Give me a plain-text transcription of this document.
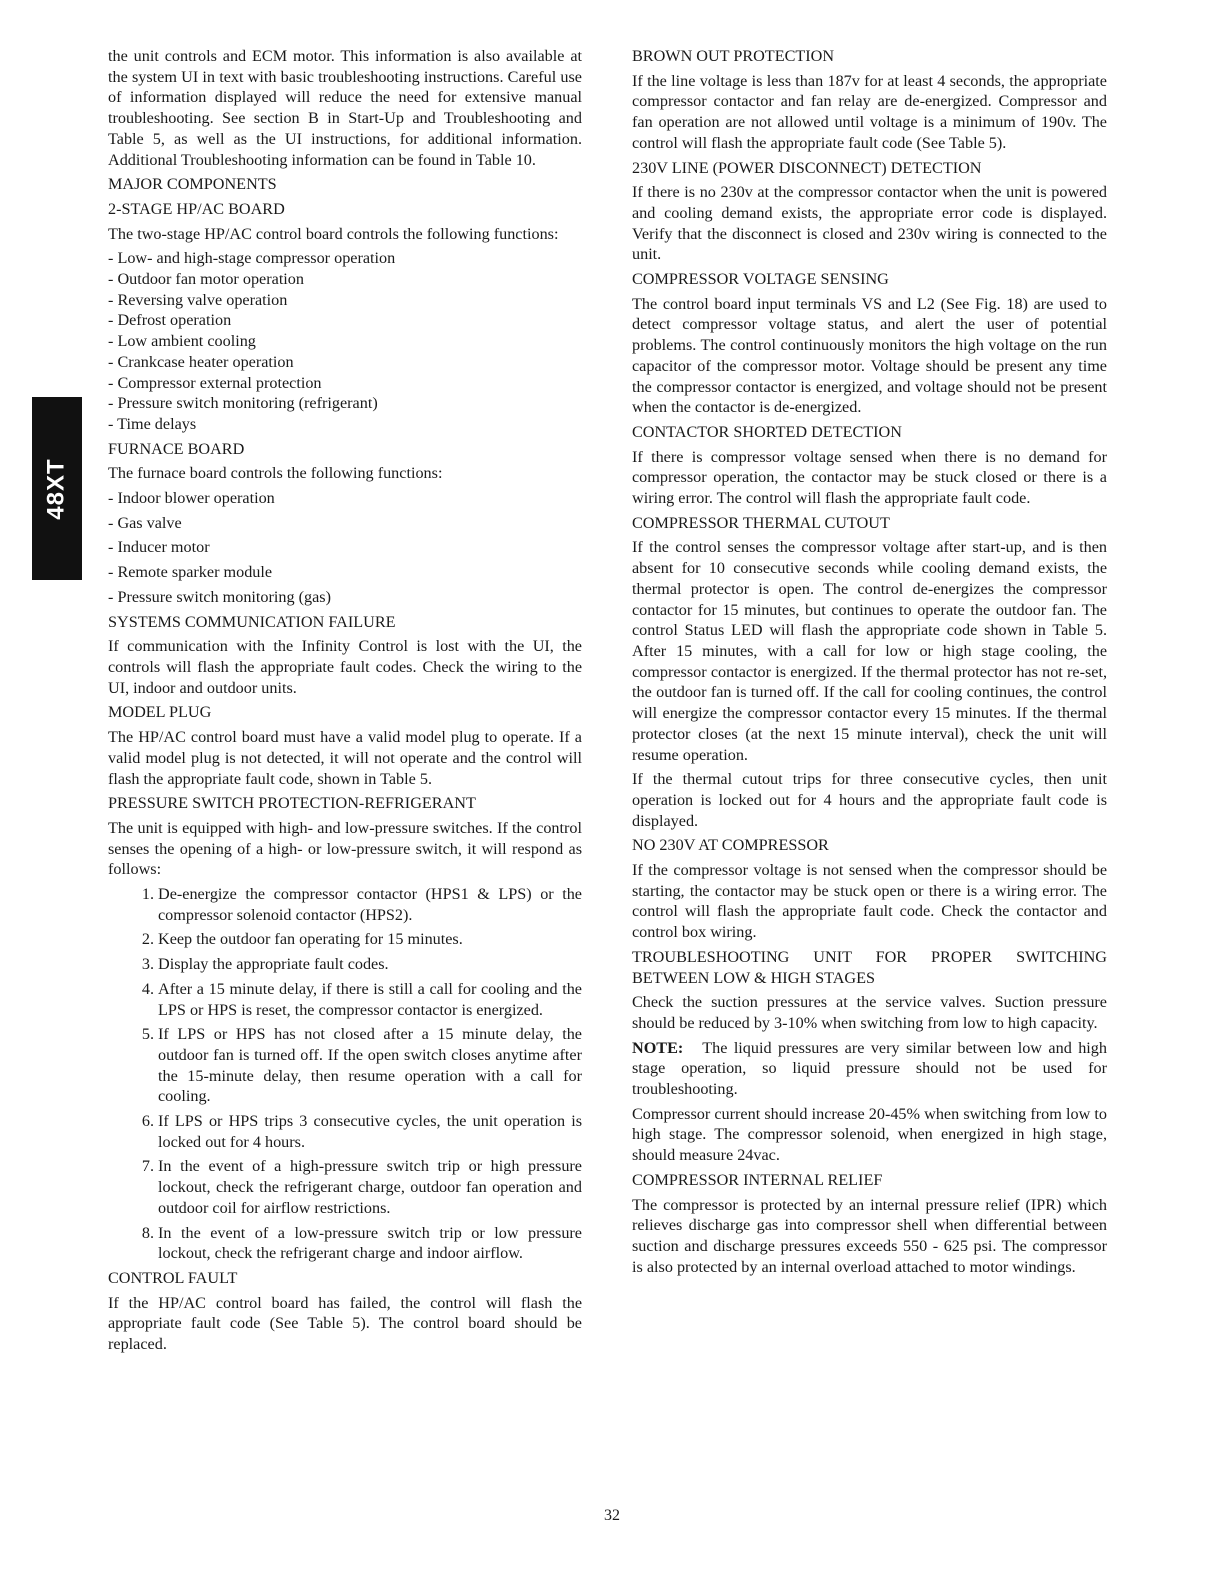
48XT

the unit controls and ECM motor. This information is also available at the system UI in text with basic troubleshooting instructions. Careful use of information displayed will reduce the need for extensive manual troubleshooting. See section B in Start-Up and Troubleshooting and Table 5, as well as the UI instructions, for additional information. Additional Troubleshooting information can be found in Table 10.

MAJOR COMPONENTS
2-STAGE HP/AC BOARD

The two-stage HP/AC control board controls the following functions:

- Low- and high-stage compressor operation
- Outdoor fan motor operation
- Reversing valve operation
- Defrost operation
- Low ambient cooling
- Crankcase heater operation
- Compressor external protection
- Pressure switch monitoring (refrigerant)
- Time delays
FURNACE BOARD

The furnace board controls the following functions:

- Indoor blower operation
- Gas valve
- Inducer motor
- Remote sparker module
- Pressure switch monitoring (gas)
SYSTEMS COMMUNICATION FAILURE

If communication with the Infinity Control is lost with the UI, the controls will flash the appropriate fault codes. Check the wiring to the UI, indoor and outdoor units.

MODEL PLUG

The HP/AC control board must have a valid model plug to operate. If a valid model plug is not detected, it will not operate and the control will flash the appropriate fault code, shown in Table 5.

PRESSURE SWITCH PROTECTION-REFRIGERANT

The unit is equipped with high- and low-pressure switches. If the control senses the opening of a high- or low-pressure switch, it will respond as follows:

1. De-energize the compressor contactor (HPS1 & LPS) or the compressor solenoid contactor (HPS2).
2. Keep the outdoor fan operating for 15 minutes.
3. Display the appropriate fault codes.
4. After a 15 minute delay, if there is still a call for cooling and the LPS or HPS is reset, the compressor contactor is energized.
5. If LPS or HPS has not closed after a 15 minute delay, the outdoor fan is turned off. If the open switch closes anytime after the 15-minute delay, then resume operation with a call for cooling.
6. If LPS or HPS trips 3 consecutive cycles, the unit operation is locked out for 4 hours.
7. In the event of a high-pressure switch trip or high pressure lockout, check the refrigerant charge, outdoor fan operation and outdoor coil for airflow restrictions.
8. In the event of a low-pressure switch trip or low pressure lockout, check the refrigerant charge and indoor airflow.
CONTROL FAULT

If the HP/AC control board has failed, the control will flash the appropriate fault code (See Table 5). The control board should be replaced.

BROWN OUT PROTECTION

If the line voltage is less than 187v for at least 4 seconds, the appropriate compressor contactor and fan relay are de-energized. Compressor and fan operation are not allowed until voltage is a minimum of 190v. The control will flash the appropriate fault code (See Table 5).

230V LINE (POWER DISCONNECT) DETECTION

If there is no 230v at the compressor contactor when the unit is powered and cooling demand exists, the appropriate error code is displayed. Verify that the disconnect is closed and 230v wiring is connected to the unit.

COMPRESSOR VOLTAGE SENSING

The control board input terminals VS and L2 (See Fig. 18) are used to detect compressor voltage status, and alert the user of potential problems. The control continuously monitors the high voltage on the run capacitor of the compressor motor. Voltage should be present any time the compressor contactor is energized, and voltage should not be present when the contactor is de-energized.

CONTACTOR SHORTED DETECTION

If there is compressor voltage sensed when there is no demand for compressor operation, the contactor may be stuck closed or there is a wiring error. The control will flash the appropriate fault code.

COMPRESSOR THERMAL CUTOUT

If the control senses the compressor voltage after start-up, and is then absent for 10 consecutive seconds while cooling demand exists, the thermal protector is open. The control de-energizes the compressor contactor for 15 minutes, but continues to operate the outdoor fan. The control Status LED will flash the appropriate code shown in Table 5. After 15 minutes, with a call for low or high stage cooling, the compressor contactor is energized. If the thermal protector has not re-set, the outdoor fan is turned off. If the call for cooling continues, the control will energize the compressor contactor every 15 minutes. If the thermal protector closes (at the next 15 minute interval), check the unit will resume operation.

If the thermal cutout trips for three consecutive cycles, then unit operation is locked out for 4 hours and the appropriate fault code is displayed.

NO 230V AT COMPRESSOR

If the compressor voltage is not sensed when the compressor should be starting, the contactor may be stuck open or there is a wiring error. The control will flash the appropriate fault code. Check the contactor and control box wiring.

TROUBLESHOOTING UNIT FOR PROPER SWITCHING BETWEEN LOW & HIGH STAGES

Check the suction pressures at the service valves. Suction pressure should be reduced by 3-10% when switching from low to high capacity.

NOTE: The liquid pressures are very similar between low and high stage operation, so liquid pressure should not be used for troubleshooting.

Compressor current should increase 20-45% when switching from low to high stage. The compressor solenoid, when energized in high stage, should measure 24vac.

COMPRESSOR INTERNAL RELIEF

The compressor is protected by an internal pressure relief (IPR) which relieves discharge gas into compressor shell when differential between suction and discharge pressures exceeds 550 - 625 psi. The compressor is also protected by an internal overload attached to motor windings.

32
